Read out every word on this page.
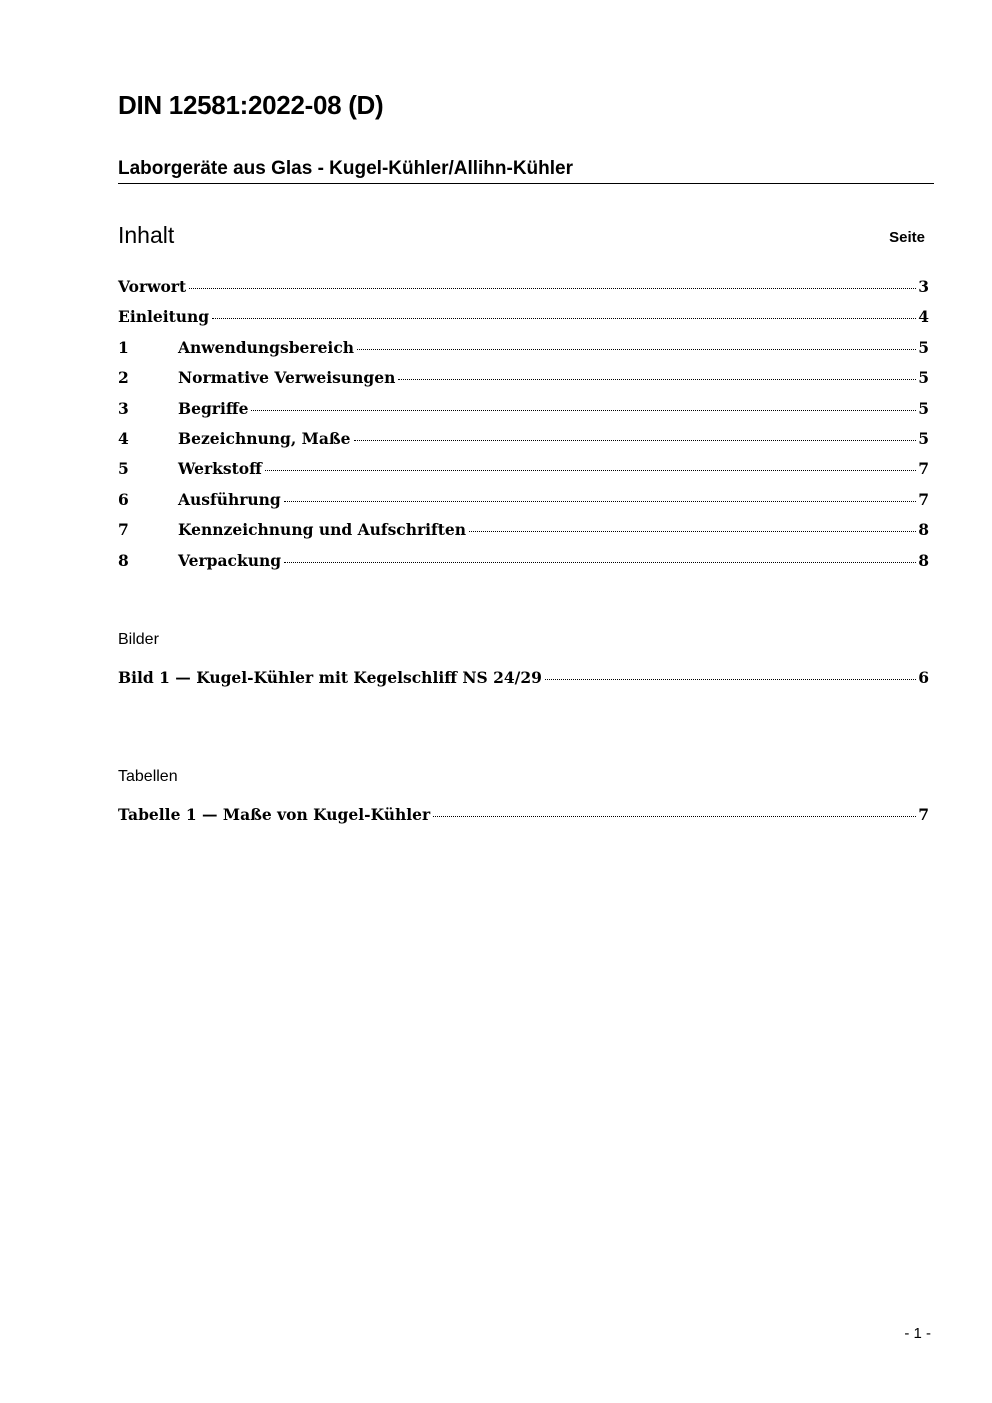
DIN 12581:2022-08 (D)
Laborgeräte aus Glas - Kugel-Kühler/Allihn-Kühler
Inhalt	Seite
Vorwort	3
Einleitung	4
1	Anwendungsbereich	5
2	Normative Verweisungen	5
3	Begriffe	5
4	Bezeichnung, Maße	5
5	Werkstoff	7
6	Ausführung	7
7	Kennzeichnung und Aufschriften	8
8	Verpackung	8
Bilder
Bild 1 — Kugel-Kühler mit Kegelschliff NS 24/29	6
Tabellen
Tabelle 1 — Maße von Kugel-Kühler	7
- 1 -
